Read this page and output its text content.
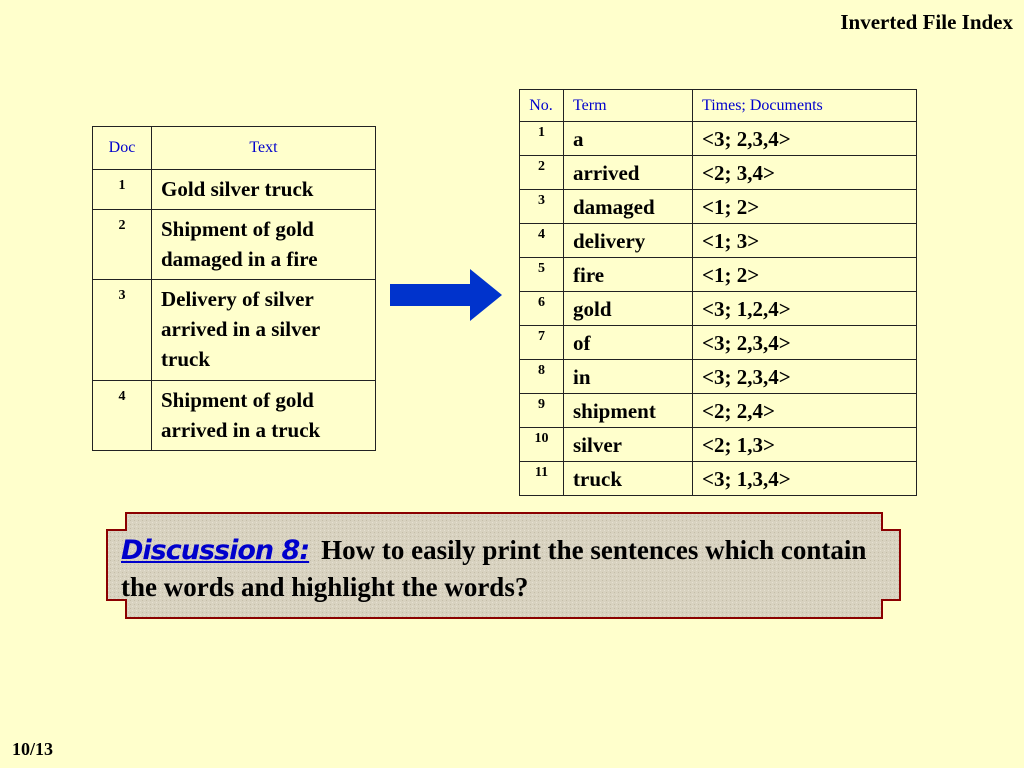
Inverted File Index
Doc	Text
1	Gold silver truck
2	Shipment of gold damaged in a fire
3	Delivery of silver arrived in a silver truck
4	Shipment of gold arrived in a truck
No.	Term	Times; Documents
1	a	<3; 2,3,4>
2	arrived	<2; 3,4>
3	damaged	<1; 2>
4	delivery	<1; 3>
5	fire	<1; 2>
6	gold	<3; 1,2,4>
7	of	<3; 2,3,4>
8	in	<3; 2,3,4>
9	shipment	<2; 2,4>
10	silver	<2; 1,3>
11	truck	<3; 1,3,4>

Discussion 8: How to easily print the sentences which contain the words and highlight the words?

10/13
